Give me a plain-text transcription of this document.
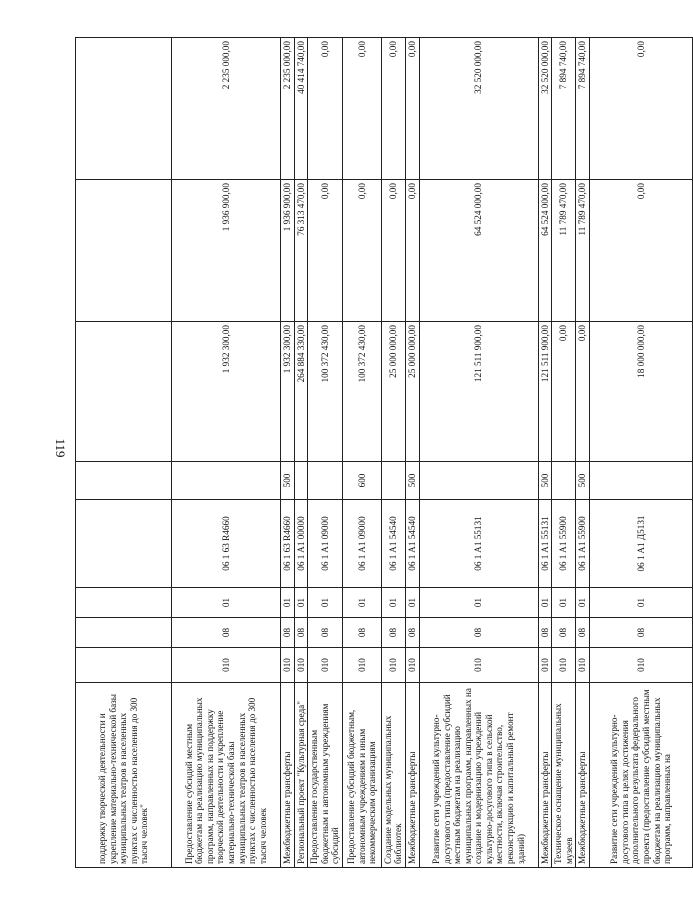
119
поддержку творческой деятельности и укрепление материально-технической базы муниципальных театров в населенных пунктах с численностью населения до 300 тысяч человек"								
Предоставление субсидий местным бюджетам на реализацию муниципальных программ, направленных на поддержку творческой деятельности и укрепление материально-технической базы муниципальных театров в населенных пунктах с численностью населения до 300 тысяч человек	010	08	01	06 1 63 R4660		1 932 300,00	1 936 900,00	2 235 000,00
Межбюджетные трансферты	010	08	01	06 1 63 R4660	500	1 932 300,00	1 936 900,00	2 235 000,00
Региональный проект "Культурная среда"	010	08	01	06 1 A1 00000		264 884 330,00	76 313 470,00	40 414 740,00
Предоставление государственным бюджетным и автономным учреждениям субсидий	010	08	01	06 1 A1 09000		100 372 430,00	0,00	0,00
Предоставление субсидий бюджетным, автономным учреждениям и иным некоммерческим организациям	010	08	01	06 1 A1 09000	600	100 372 430,00	0,00	0,00
Создание модельных муниципальных библиотек	010	08	01	06 1 A1 54540		25 000 000,00	0,00	0,00
Межбюджетные трансферты	010	08	01	06 1 A1 54540	500	25 000 000,00	0,00	0,00
Развитие сети учреждений культурно-досугового типа (предоставление субсидий местным бюджетам на реализацию муниципальных программ, направленных на создание и модернизацию учреждений культурно-досугового типа в сельской местности, включая строительство, реконструкцию и капитальный ремонт зданий)	010	08	01	06 1 A1 55131		121 511 900,00	64 524 000,00	32 520 000,00
Межбюджетные трансферты	010	08	01	06 1 A1 55131	500	121 511 900,00	64 524 000,00	32 520 000,00
Техническое оснащение муниципальных музеев	010	08	01	06 1 A1 55900		0,00	11 789 470,00	7 894 740,00
Межбюджетные трансферты	010	08	01	06 1 A1 55900	500	0,00	11 789 470,00	7 894 740,00
Развитие сети учреждений культурно-досугового типа в целях достижения дополнительного результата федерального проекта (предоставление субсидий местным бюджетам на реализацию муниципальных программ, направленных на	010	08	01	06 1 A1 Д5131		18 000 000,00	0,00	0,00
